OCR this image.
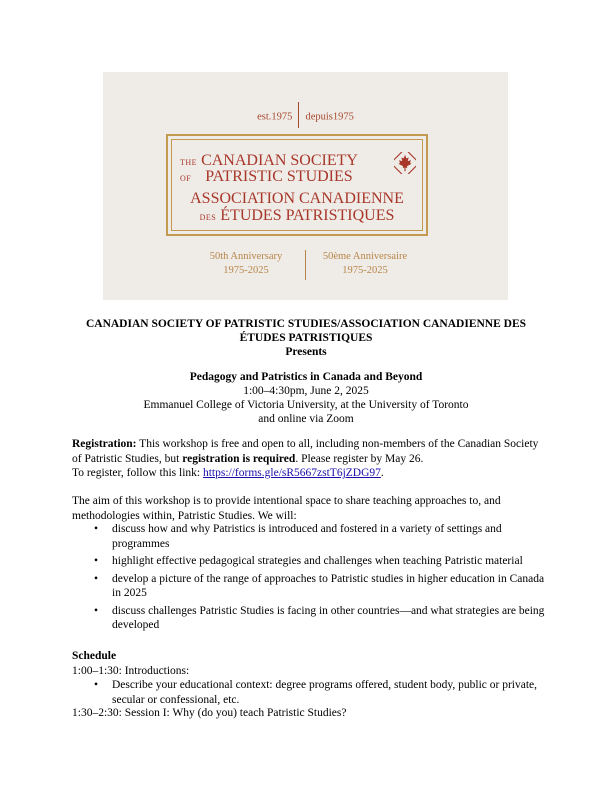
est.1975 depuis1975
THE CANADIAN SOCIETY
OF PATRISTIC STUDIES
ASSOCIATION CANADIENNE
DES ÉTUDES PATRISTIQUES
50th Anniversary
1975-2025
50ème Anniversaire
1975-2025
CANADIAN SOCIETY OF PATRISTIC STUDIES/ASSOCIATION CANADIENNE DES
ÉTUDES PATRISTIQUES
Presents
Pedagogy and Patristics in Canada and Beyond
1:00–4:30pm, June 2, 2025
Emmanuel College of Victoria University, at the University of Toronto
and online via Zoom
Registration: This workshop is free and open to all, including non-members of the Canadian Society of Patristic Studies, but registration is required. Please register by May 26.
To register, follow this link: https://forms.gle/sR5667zstT6jZDG97.
The aim of this workshop is to provide intentional space to share teaching approaches to, and methodologies within, Patristic Studies. We will:
• discuss how and why Patristics is introduced and fostered in a variety of settings and programmes
• highlight effective pedagogical strategies and challenges when teaching Patristic material
• develop a picture of the range of approaches to Patristic studies in higher education in Canada in 2025
• discuss challenges Patristic Studies is facing in other countries—and what strategies are being developed
Schedule
1:00–1:30: Introductions:
• Describe your educational context: degree programs offered, student body, public or private, secular or confessional, etc.
1:30–2:30: Session I: Why (do you) teach Patristic Studies?
